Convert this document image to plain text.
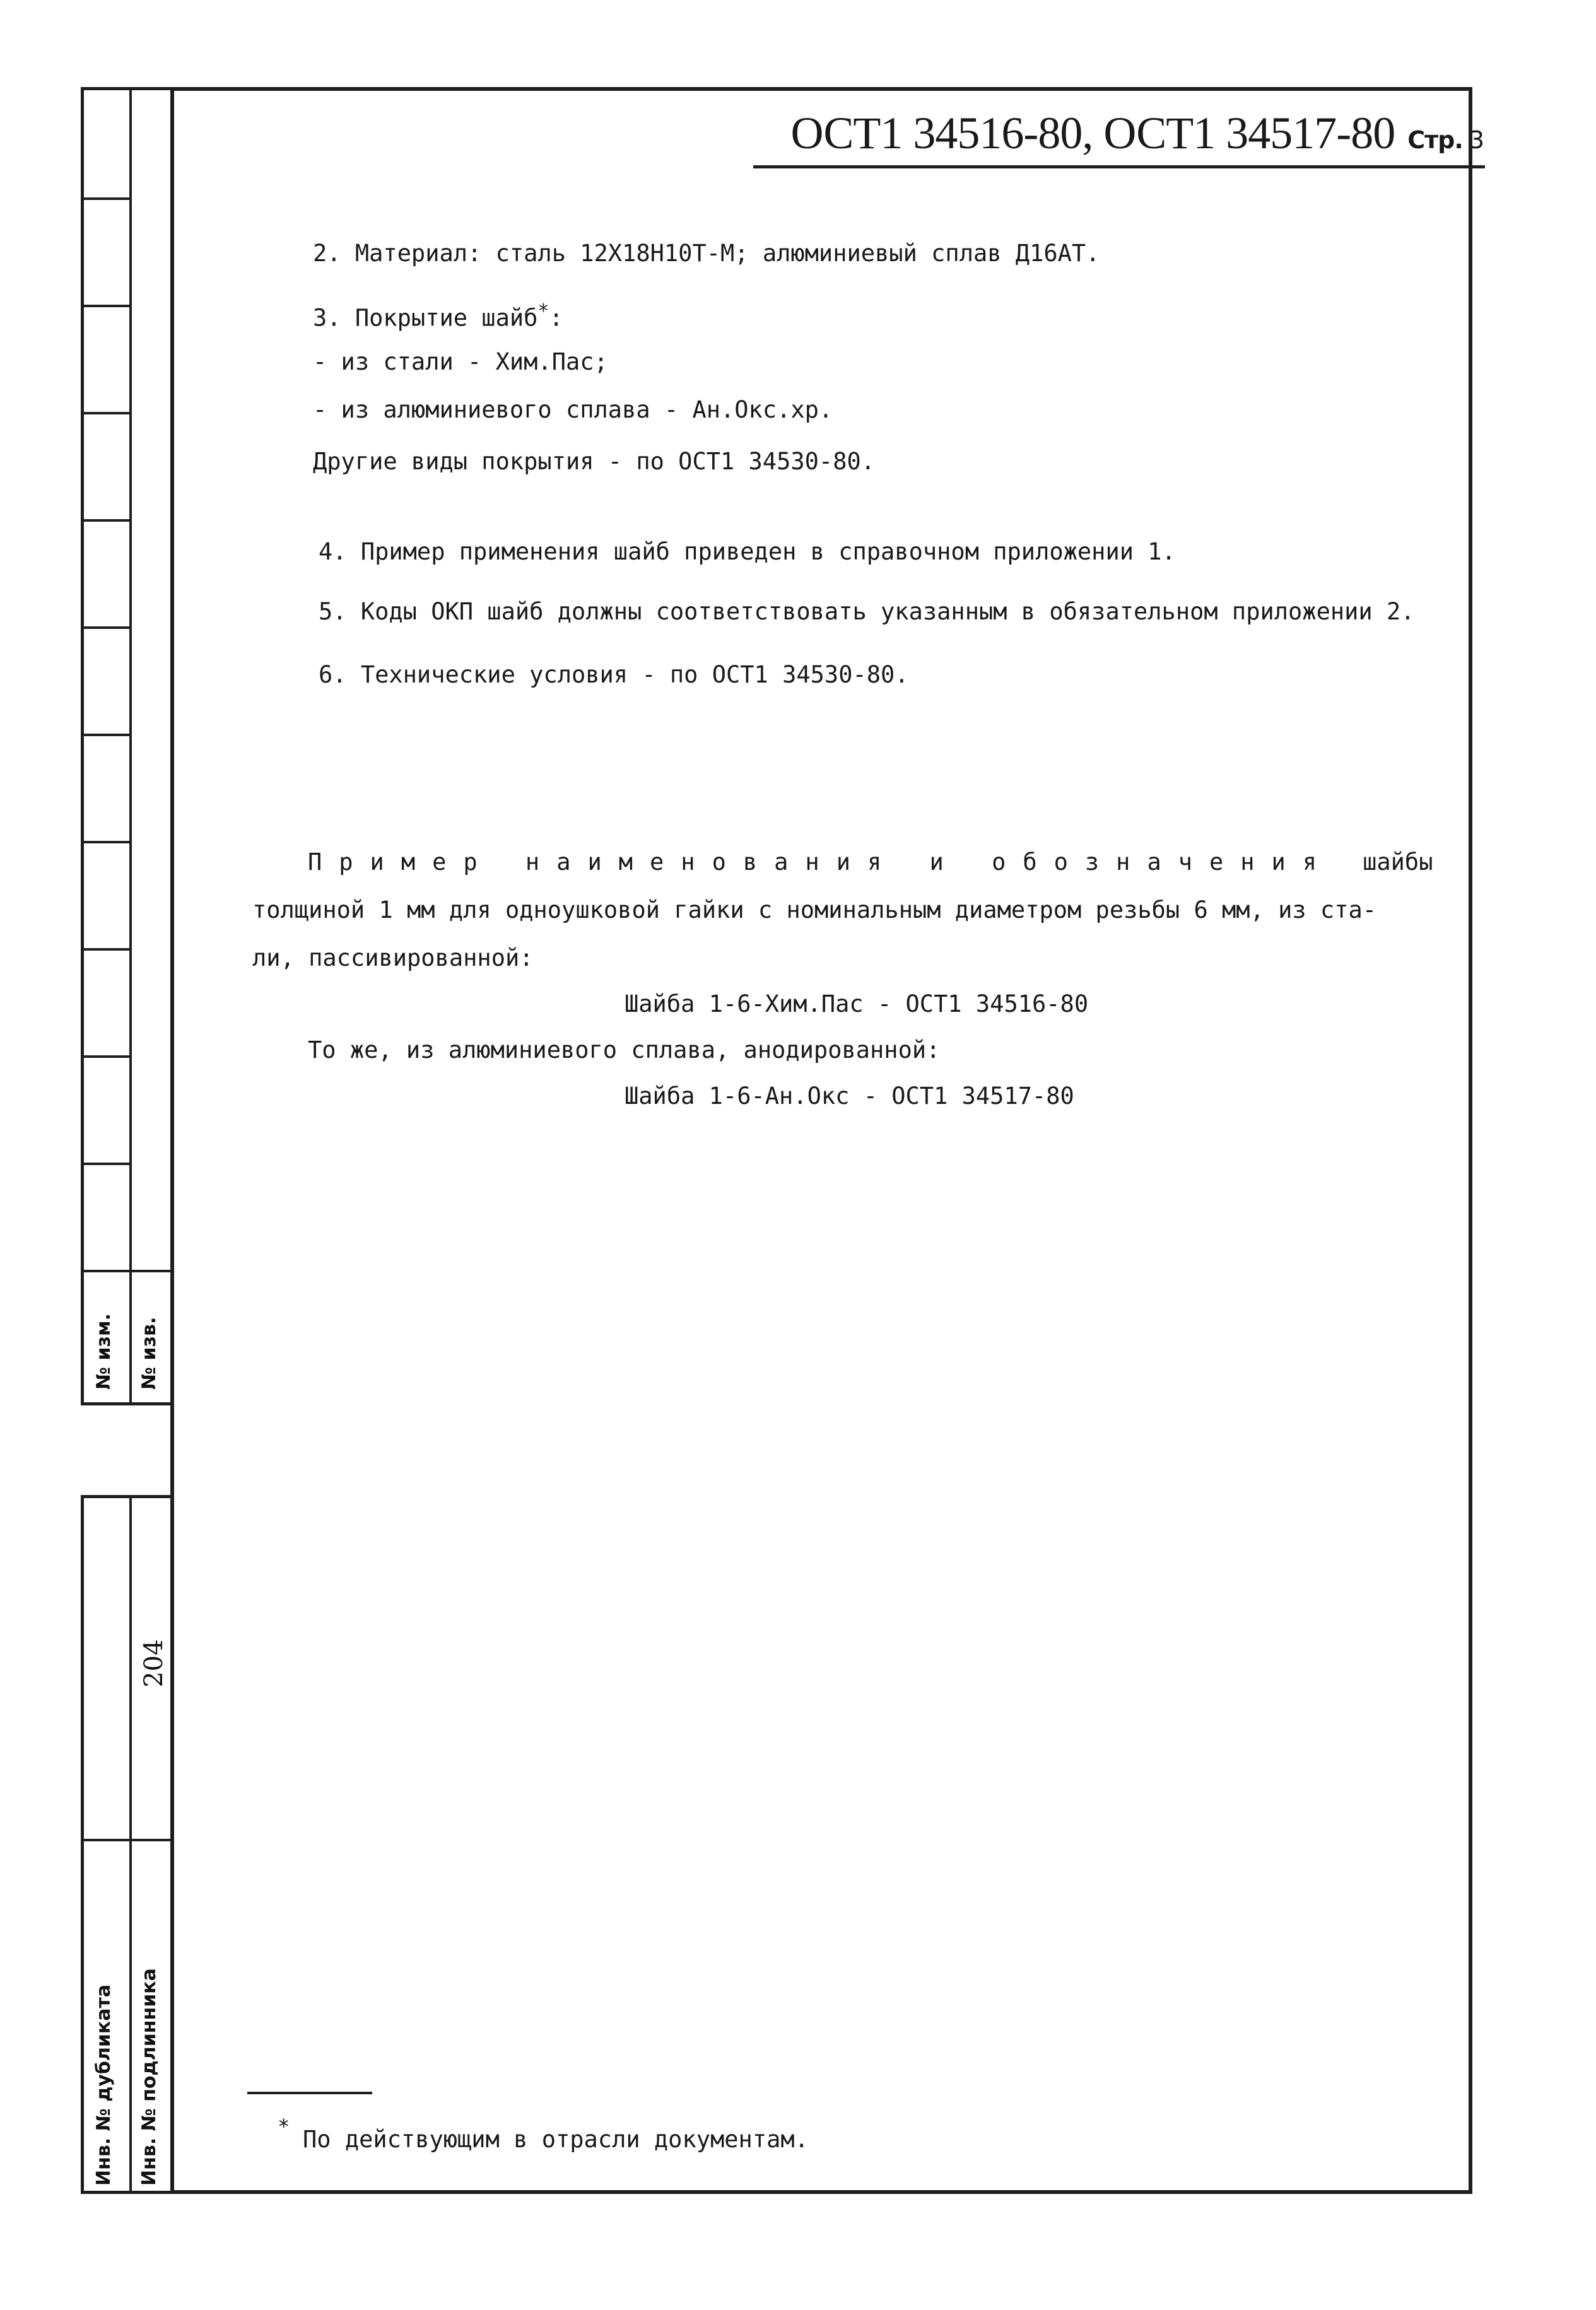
№ изм. № изв.
204
Инв. № дубликата Инв. № подлинника
ОСТ1 34516-80, ОСТ1 34517-80 Стр. 3
2. Материал: сталь 12Х18Н10Т-М; алюминиевый сплав Д16АТ.
3. Покрытие шайб*:
- из стали - Хим.Пас;
- из алюминиевого сплава - Ан.Окс.хр.
Другие виды покрытия - по ОСТ1 34530-80.
4. Пример применения шайб приведен в справочном приложении 1.
5. Коды ОКП шайб должны соответствовать указанным в обязательном приложении 2.
6. Технические условия - по ОСТ1 34530-80.
Пример наименования и обозначения шайбы
толщиной 1 мм для одноушковой гайки с номинальным диаметром резьбы 6 мм, из ста-
ли, пассивированной:
Шайба 1-6-Хим.Пас - ОСТ1 34516-80
То же, из алюминиевого сплава, анодированной:
Шайба 1-6-Ан.Окс - ОСТ1 34517-80
* По действующим в отрасли документам.
